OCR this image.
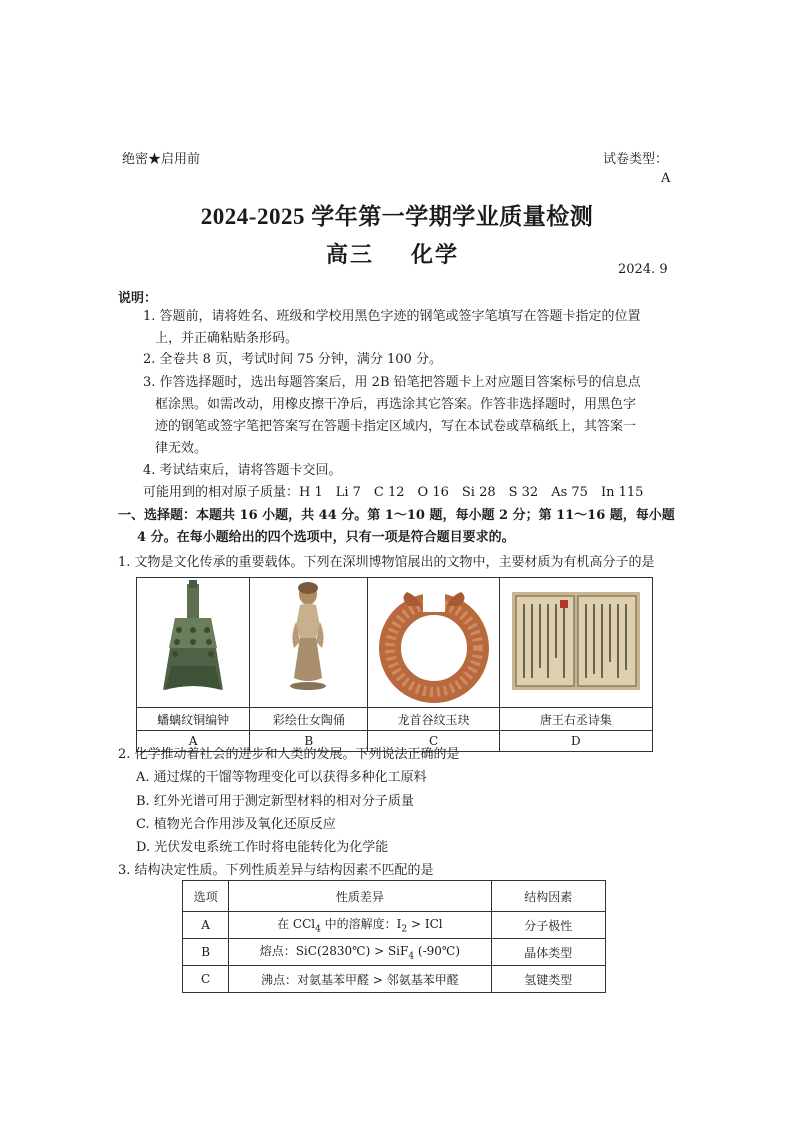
绝密★启用前	试卷类型：
A
2024-2025 学年第一学期学业质量检测
高三 化学
2024. 9
说明：
1. 答题前，请将姓名、班级和学校用黑色字迹的钢笔或签字笔填写在答题卡指定的位置
上，并正确粘贴条形码。
2. 全卷共 8 页，考试时间 75 分钟，满分 100 分。
3. 作答选择题时，选出每题答案后，用 2B 铅笔把答题卡上对应题目答案标号的信息点
框涂黑。如需改动，用橡皮擦干净后，再选涂其它答案。作答非选择题时，用黑色字
迹的钢笔或签字笔把答案写在答题卡指定区域内，写在本试卷或草稿纸上，其答案一
律无效。
4. 考试结束后，请将答题卡交回。
可能用到的相对原子质量：H 1　Li 7　C 12　O 16　Si 28　S 32　As 75　In 115
一、选择题：本题共 16 小题，共 44 分。第 1～10 题，每小题 2 分；第 11～16 题，每小题
4 分。在每小题给出的四个选项中，只有一项是符合题目要求的。
1. 文物是文化传承的重要载体。下列在深圳博物馆展出的文物中，主要材质为有机高分子的是

蟠螭纹铜编钟	彩绘仕女陶俑	龙首谷纹玉玦	唐王右丞诗集
A	B	C	D
2. 化学推动着社会的进步和人类的发展。下列说法正确的是
A. 通过煤的干馏等物理变化可以获得多种化工原料
B. 红外光谱可用于测定新型材料的相对分子质量
C. 植物光合作用涉及氧化还原反应
D. 光伏发电系统工作时将电能转化为化学能
3. 结构决定性质。下列性质差异与结构因素不匹配的是
选项	性质差异	结构因素
A	在 CCl$_4$ 中的溶解度：$I_2$ > ICl	分子极性
B	熔点：SiC(2830℃) > SiF$_4$ (-90℃)	晶体类型
C	沸点：对氨基苯甲醛 > 邻氨基苯甲醛	氢键类型
